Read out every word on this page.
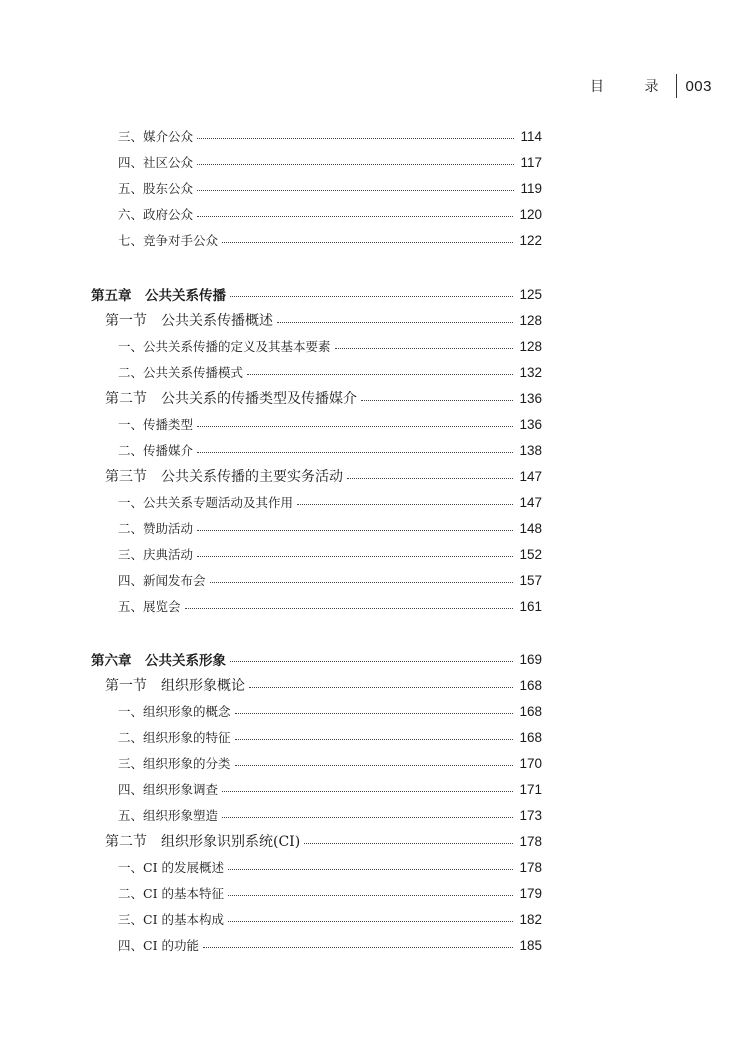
目 录 003
三、媒介公众	114
四、社区公众	117
五、股东公众	119
六、政府公众	120
七、竞争对手公众	122
第五章　公共关系传播	125
第一节　公共关系传播概述	128
一、公共关系传播的定义及其基本要素	128
二、公共关系传播模式	132
第二节　公共关系的传播类型及传播媒介	136
一、传播类型	136
二、传播媒介	138
第三节　公共关系传播的主要实务活动	147
一、公共关系专题活动及其作用	147
二、赞助活动	148
三、庆典活动	152
四、新闻发布会	157
五、展览会	161
第六章　公共关系形象	169
第一节　组织形象概论	168
一、组织形象的概念	168
二、组织形象的特征	168
三、组织形象的分类	170
四、组织形象调查	171
五、组织形象塑造	173
第二节　组织形象识别系统(CI)	178
一、CI 的发展概述	178
二、CI 的基本特征	179
三、CI 的基本构成	182
四、CI 的功能	185
